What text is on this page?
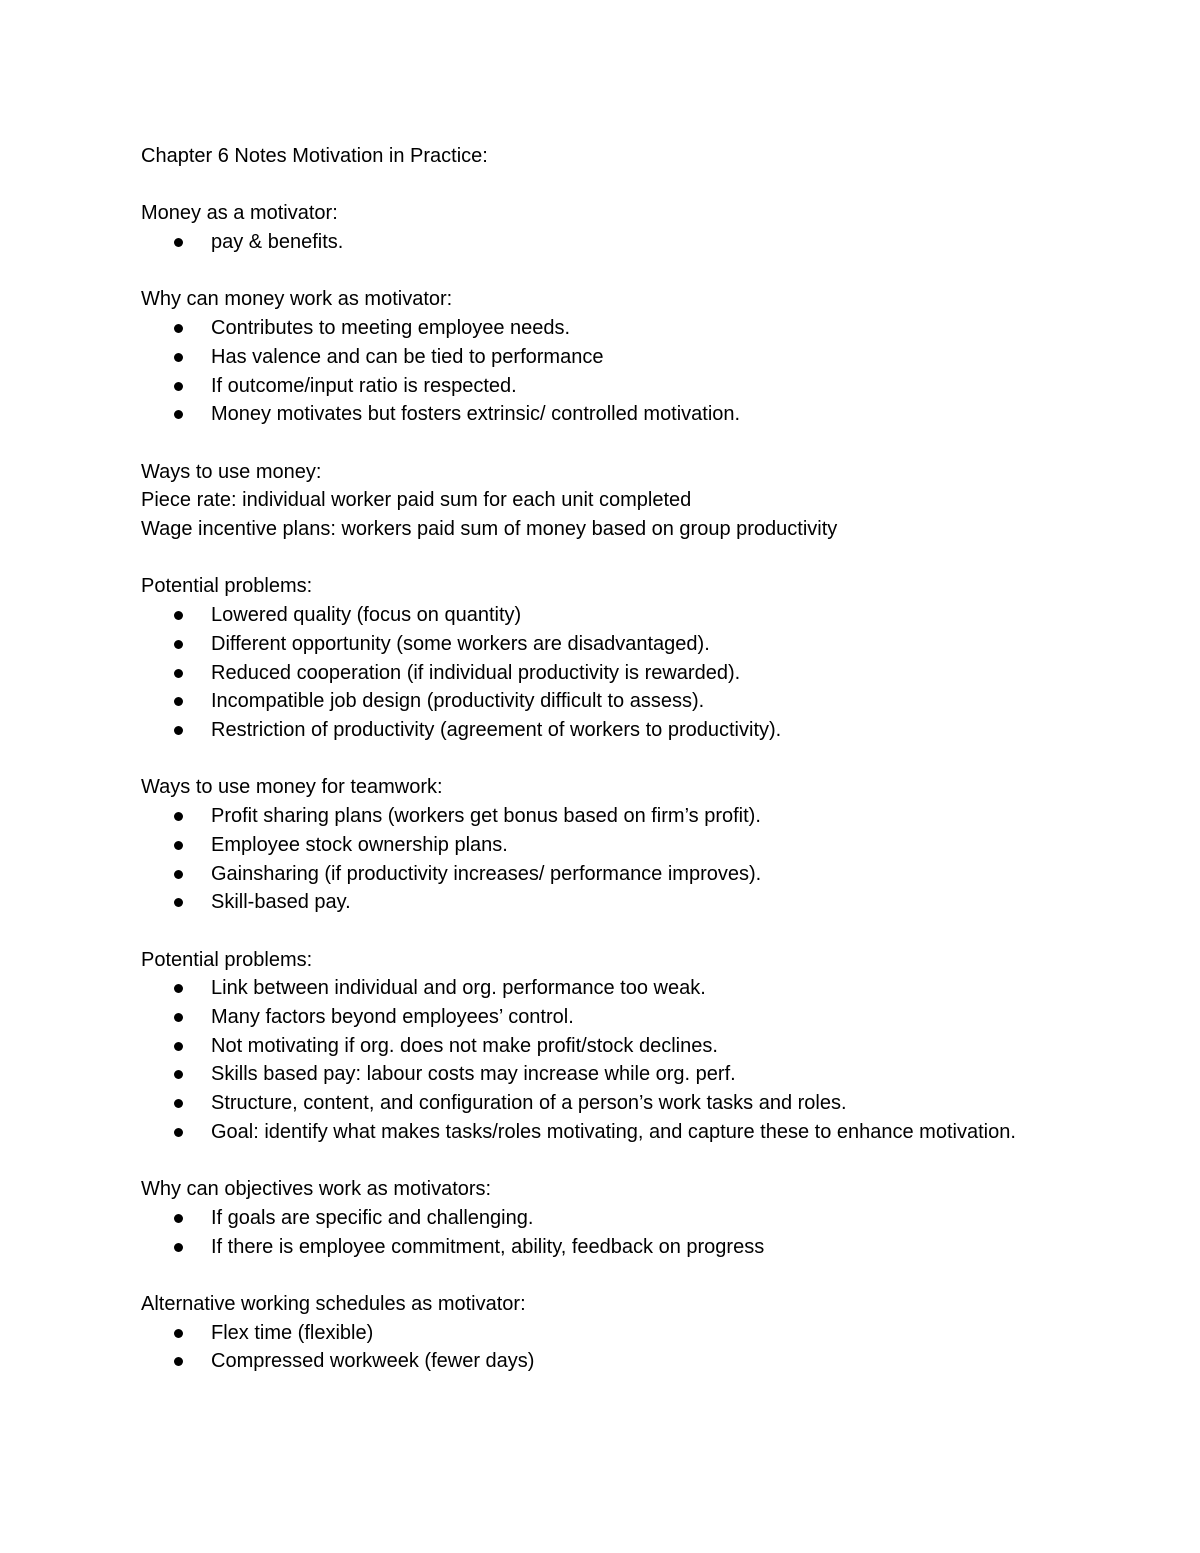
Chapter 6 Notes Motivation in Practice:

Money as a motivator:

pay & benefits.

Why can money work as motivator:

Contributes to meeting employee needs.
Has valence and can be tied to performance
If outcome/input ratio is respected.
Money motivates but fosters extrinsic/ controlled motivation.

Ways to use money:

Piece rate: individual worker paid sum for each unit completed

Wage incentive plans: workers paid sum of money based on group productivity

Potential problems:

Lowered quality (focus on quantity)
Different opportunity (some workers are disadvantaged).
Reduced cooperation (if individual productivity is rewarded).
Incompatible job design (productivity difficult to assess).
Restriction of productivity (agreement of workers to productivity).

Ways to use money for teamwork:

Profit sharing plans (workers get bonus based on firm’s profit).
Employee stock ownership plans.
Gainsharing (if productivity increases/ performance improves).
Skill-based pay.

Potential problems:

Link between individual and org. performance too weak.
Many factors beyond employees’ control.
Not motivating if org. does not make profit/stock declines.
Skills based pay: labour costs may increase while org. perf.
Structure, content, and configuration of a person’s work tasks and roles.
Goal: identify what makes tasks/roles motivating, and capture these to enhance motivation.

Why can objectives work as motivators:

If goals are specific and challenging.
If there is employee commitment, ability, feedback on progress

Alternative working schedules as motivator:

Flex time (flexible)
Compressed workweek (fewer days)
